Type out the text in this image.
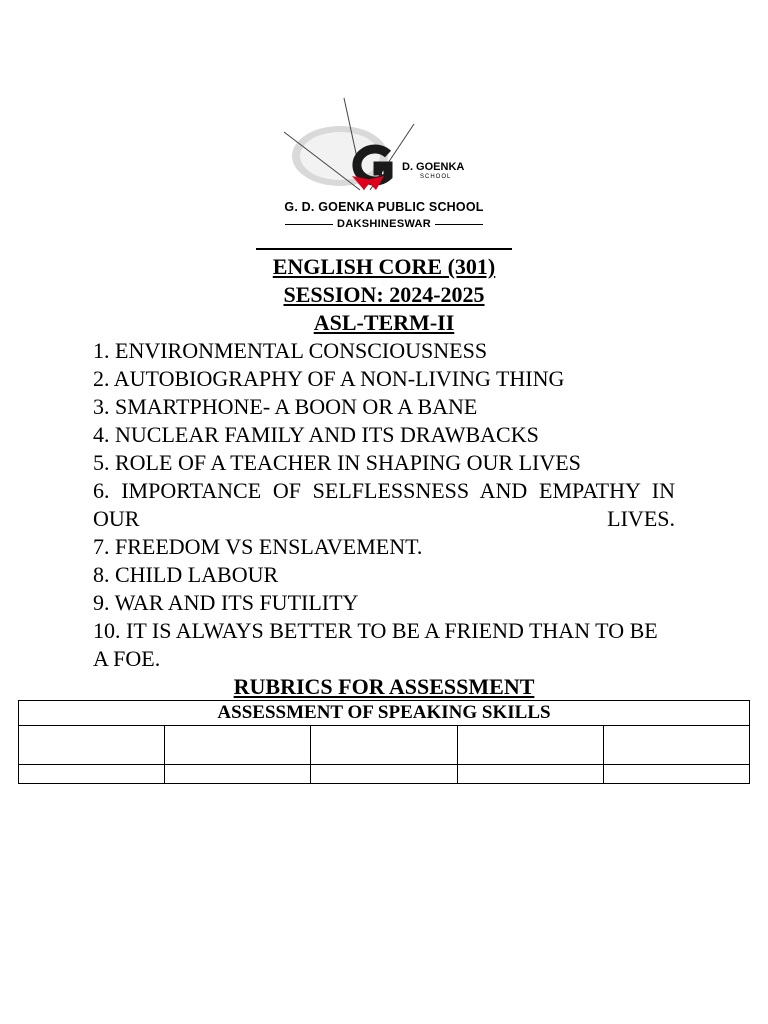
D. GOENKA
SCHOOL
G. D. GOENKA PUBLIC SCHOOL
DAKSHINESWAR
ENGLISH CORE (301)
SESSION: 2024-2025
ASL-TERM-II
1. ENVIRONMENTAL CONSCIOUSNESS
2. AUTOBIOGRAPHY OF A NON-LIVING THING
3. SMARTPHONE- A BOON OR A BANE
4. NUCLEAR FAMILY AND ITS DRAWBACKS
5. ROLE OF A TEACHER IN SHAPING OUR LIVES
6. IMPORTANCE OF SELFLESSNESS AND EMPATHY IN OUR LIVES.
7. FREEDOM VS ENSLAVEMENT.
8. CHILD LABOUR
9. WAR AND ITS FUTILITY
10. IT IS ALWAYS BETTER TO BE A FRIEND THAN TO BE A FOE.
RUBRICS FOR ASSESSMENT
ASSESSMENT OF SPEAKING SKILLS				
